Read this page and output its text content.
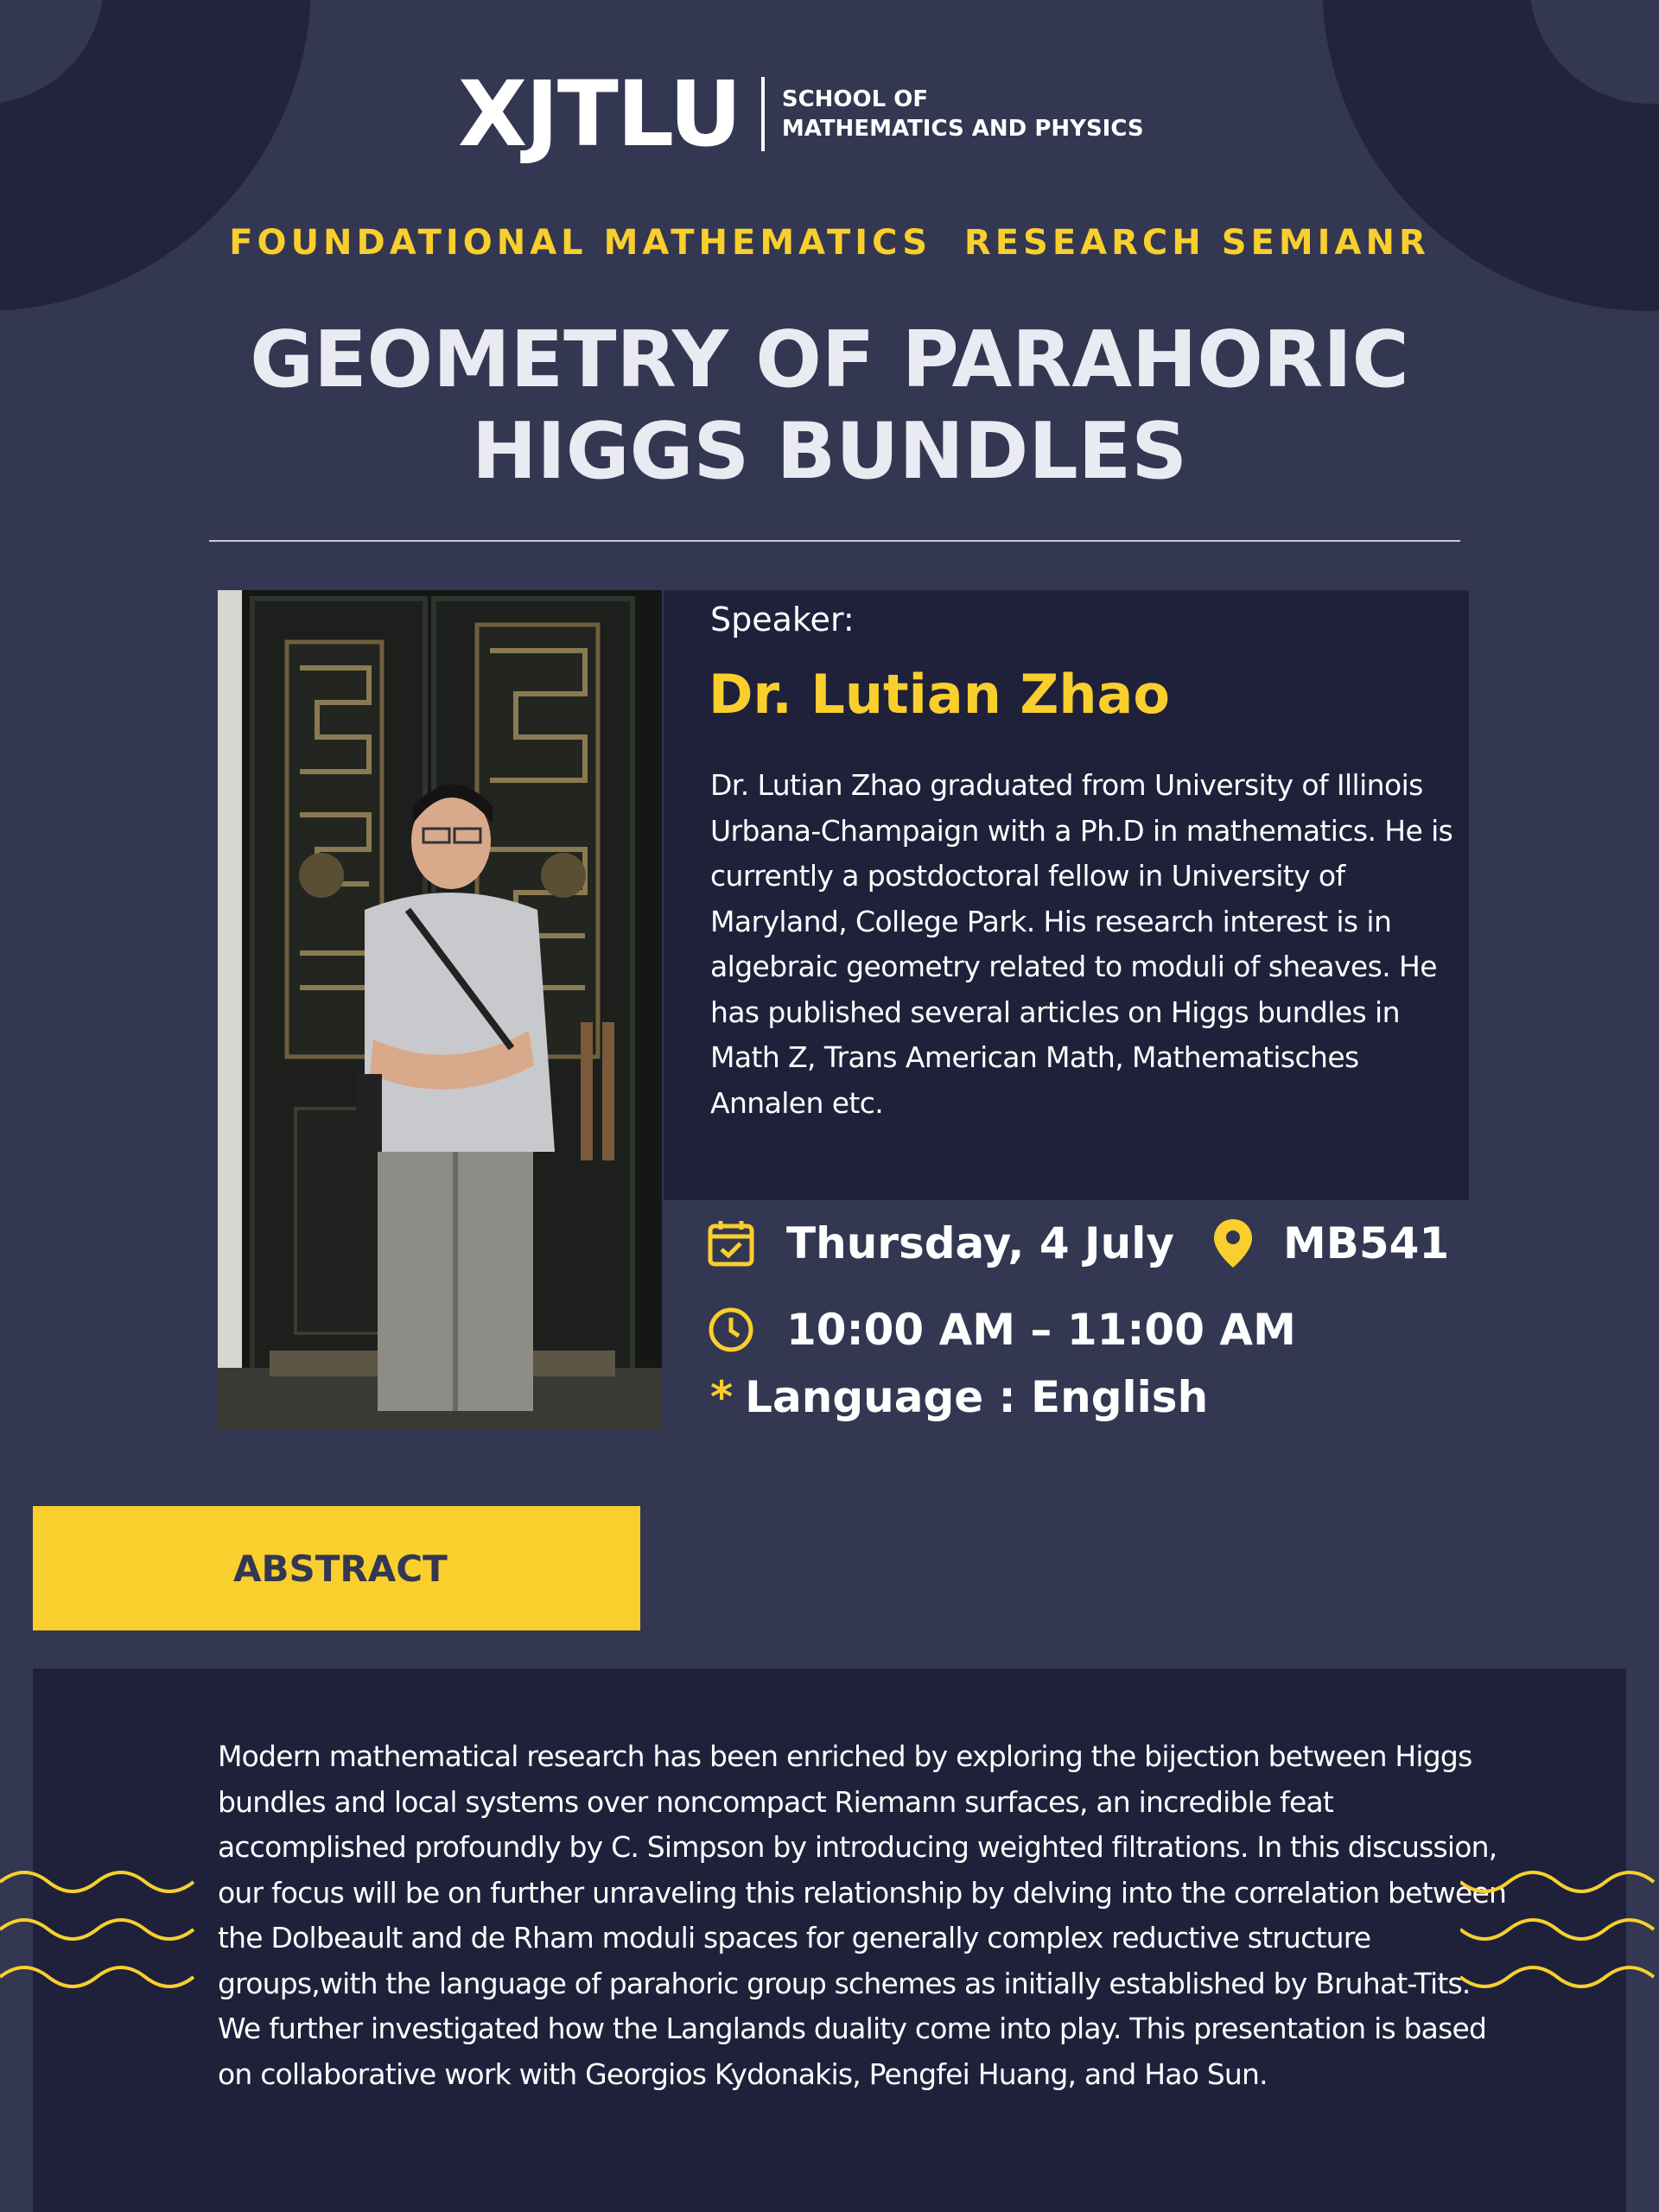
XJTLU SCHOOL OF
MATHEMATICS AND PHYSICS
FOUNDATIONAL MATHEMATICS  RESEARCH SEMIANR
GEOMETRY OF PARAHORIC
HIGGS BUNDLES
Speaker:
Dr. Lutian Zhao
Dr. Lutian Zhao graduated from University of Illinois Urbana-Champaign with a Ph.D in mathematics. He is currently a postdoctoral fellow in University of Maryland, College Park. His research interest is in algebraic geometry related to moduli of sheaves. He has published several articles on Higgs bundles in Math Z, Trans American Math, Mathematisches Annalen etc.
Thursday, 4 July	MB541
10:00 AM – 11:00 AM
* Language : English
ABSTRACT
Modern mathematical research has been enriched by exploring the bijection between Higgs bundles and local systems over noncompact Riemann surfaces, an incredible feat accomplished profoundly by C. Simpson by introducing weighted filtrations. In this discussion, our focus will be on further unraveling this relationship by delving into the correlation between the Dolbeault and de Rham moduli spaces for generally complex reductive structure groups,with the language of parahoric group schemes as initially established by Bruhat-Tits. We further investigated how the Langlands duality come into play. This presentation is based on collaborative work with Georgios Kydonakis, Pengfei Huang, and Hao Sun.
